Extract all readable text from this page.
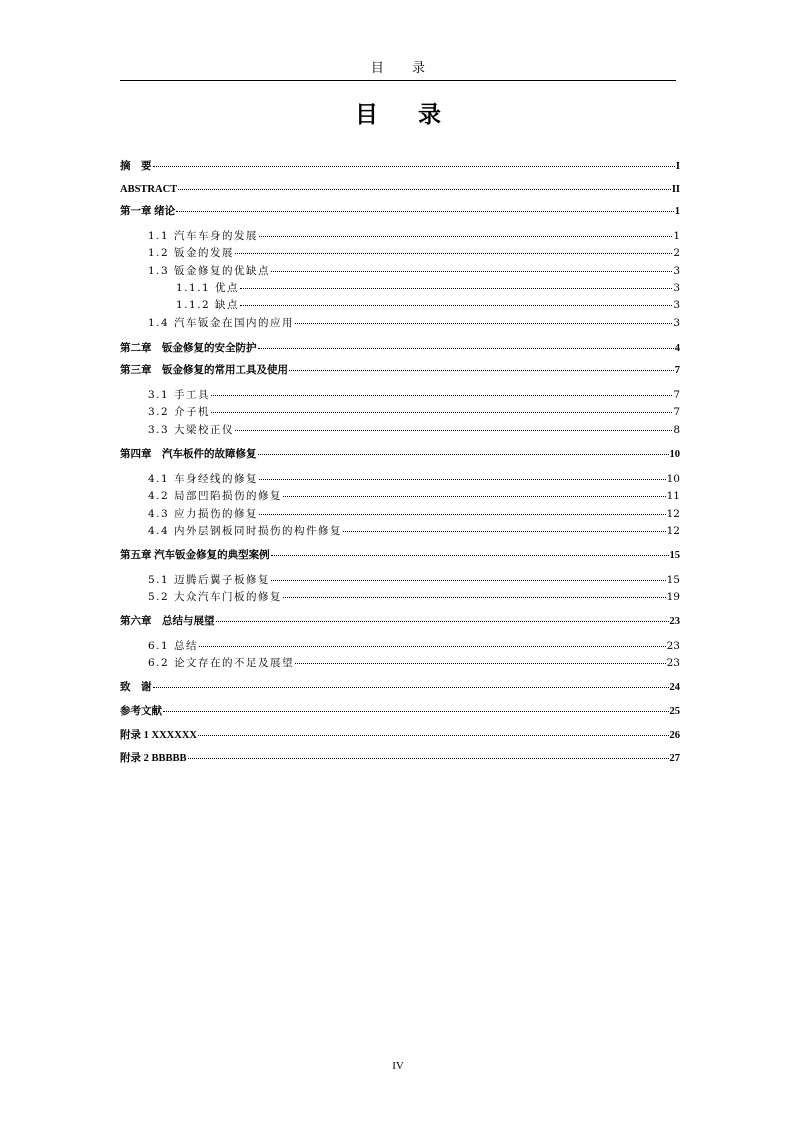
目 录
目 录
摘　要	I
ABSTRACT	II
第一章 绪论	1
1.1 汽车车身的发展	1
1.2 钣金的发展	2
1.3 钣金修复的优缺点	3
1.1.1 优点	3
1.1.2 缺点	3
1.4 汽车钣金在国内的应用	3
第二章　钣金修复的安全防护	4
第三章　钣金修复的常用工具及使用	7
3.1 手工具	7
3.2 介子机	7
3.3 大梁校正仪	8
第四章　汽车板件的故障修复	10
4.1 车身经线的修复	10
4.2 局部凹陷损伤的修复	11
4.3 应力损伤的修复	12
4.4 内外层钢板同时损伤的构件修复	12
第五章 汽车钣金修复的典型案例	15
5.1 迈腾后翼子板修复	15
5.2 大众汽车门板的修复	19
第六章　总结与展望	23
6.1 总结	23
6.2 论文存在的不足及展望	23
致　谢	24
参考文献	25
附录 1 XXXXXX	26
附录 2 BBBBB	27
IV
